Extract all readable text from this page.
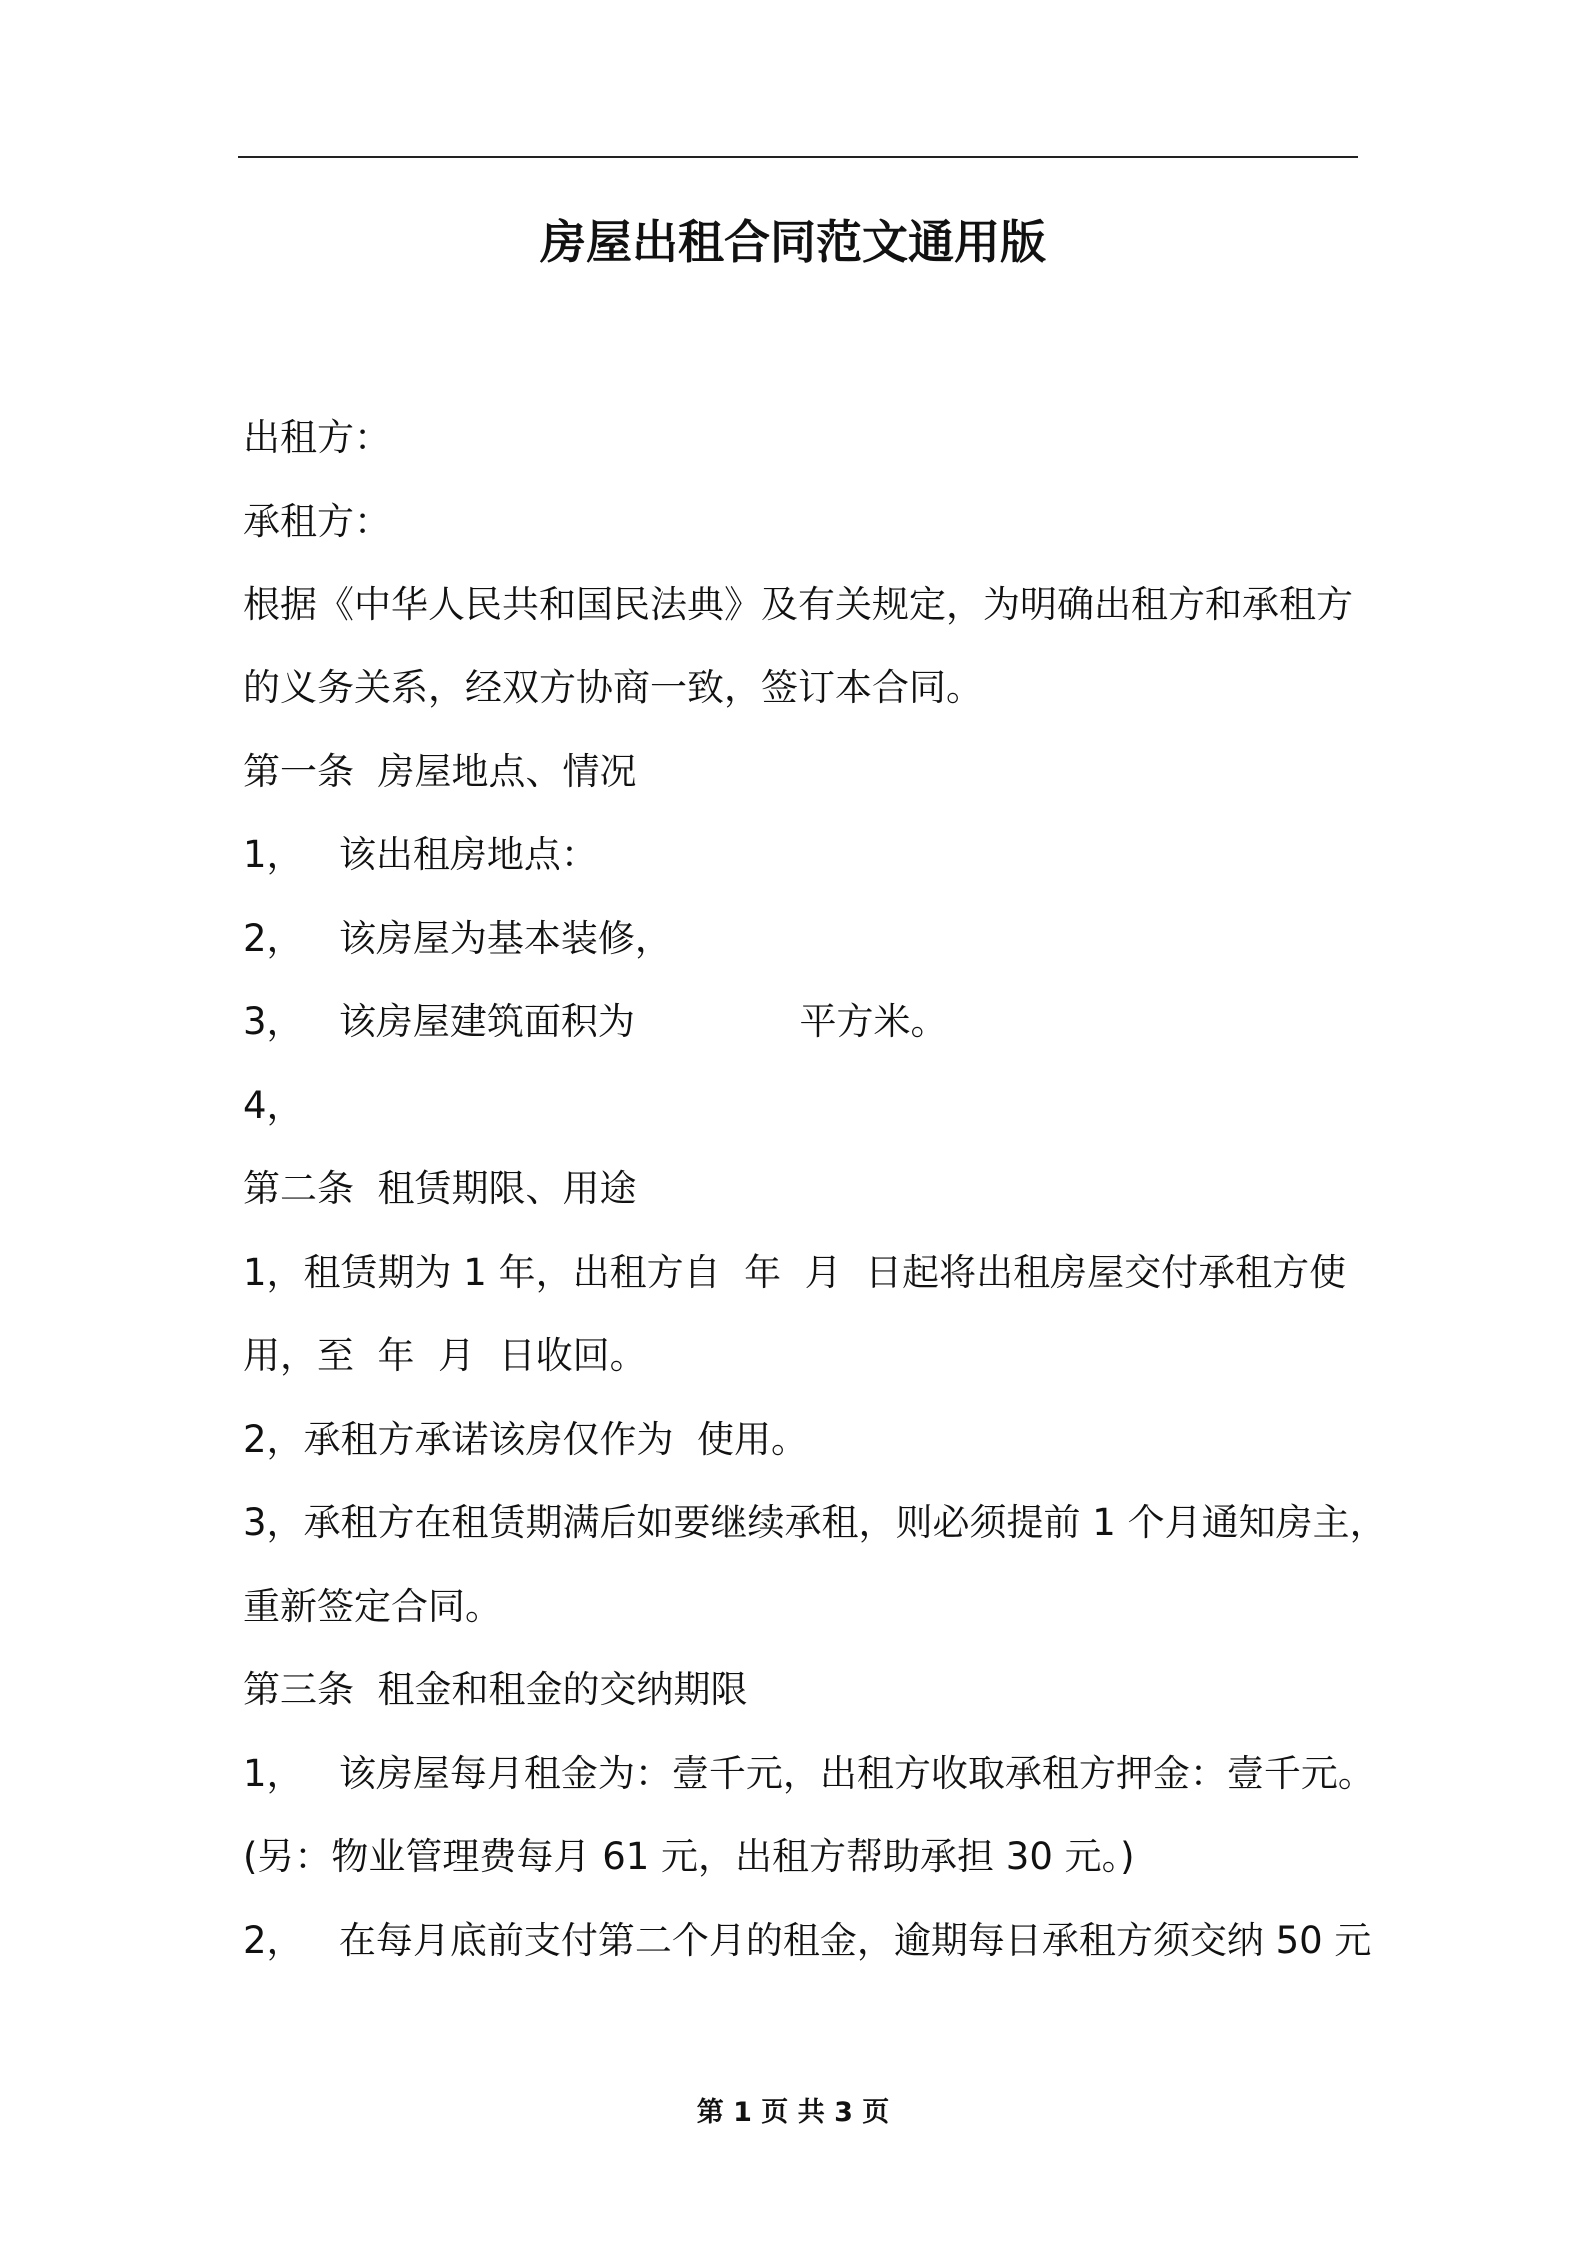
房屋出租合同范文通用版

出租方：

承租方：

根据《中华人民共和国民法典》及有关规定，为明确出租方和承租方

的义务关系，经双方协商一致，签订本合同。

第一条  房屋地点、情况

1，   该出租房地点：

2，   该房屋为基本装修，

3，   该房屋建筑面积为              平方米。

4，

第二条  租赁期限、用途

1，租赁期为 1 年，出租方自  年  月  日起将出租房屋交付承租方使

用，至  年  月  日收回。

2，承租方承诺该房仅作为  使用。

3，承租方在租赁期满后如要继续承租，则必须提前 1 个月通知房主，

重新签定合同。

第三条  租金和租金的交纳期限

1，   该房屋每月租金为：壹千元，出租方收取承租方押金：壹千元。

(另：物业管理费每月 61 元，出租方帮助承担 30 元。)

2，   在每月底前支付第二个月的租金，逾期每日承租方须交纳 50 元

第 1 页 共 3 页
